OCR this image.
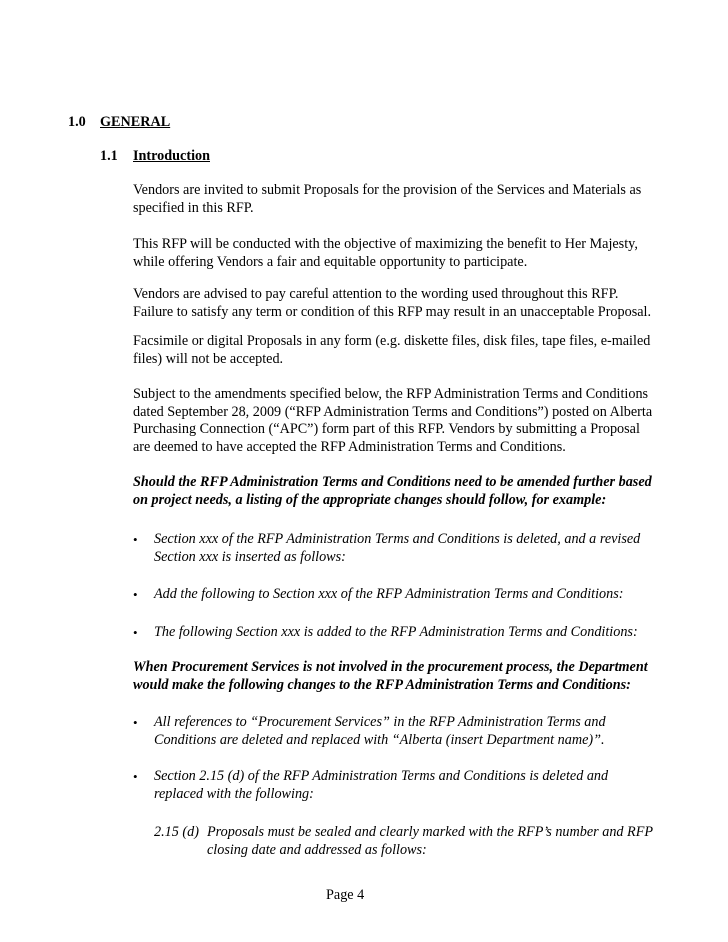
1.0 GENERAL
1.1 Introduction
Vendors are invited to submit Proposals for the provision of the Services and Materials as
specified in this RFP.
This RFP will be conducted with the objective of maximizing the benefit to Her Majesty,
while offering Vendors a fair and equitable opportunity to participate.
Vendors are advised to pay careful attention to the wording used throughout this RFP.
Failure to satisfy any term or condition of this RFP may result in an unacceptable Proposal.
Facsimile or digital Proposals in any form (e.g. diskette files, disk files, tape files, e-mailed
files) will not be accepted.
Subject to the amendments specified below, the RFP Administration Terms and Conditions
dated September 28, 2009 (“RFP Administration Terms and Conditions”) posted on Alberta
Purchasing Connection (“APC”) form part of this RFP. Vendors by submitting a Proposal
are deemed to have accepted the RFP Administration Terms and Conditions.
Should the RFP Administration Terms and Conditions need to be amended further based
on project needs, a listing of the appropriate changes should follow, for example:
• Section xxx of the RFP Administration Terms and Conditions is deleted, and a revised
Section xxx is inserted as follows:
• Add the following to Section xxx of the RFP Administration Terms and Conditions:
• The following Section xxx is added to the RFP Administration Terms and Conditions:
When Procurement Services is not involved in the procurement process, the Department
would make the following changes to the RFP Administration Terms and Conditions:
• All references to “Procurement Services” in the RFP Administration Terms and
Conditions are deleted and replaced with “Alberta (insert Department name)”.
• Section 2.15 (d) of the RFP Administration Terms and Conditions is deleted and
replaced with the following:
2.15 (d) Proposals must be sealed and clearly marked with the RFP’s number and RFP
closing date and addressed as follows:
Page 4
